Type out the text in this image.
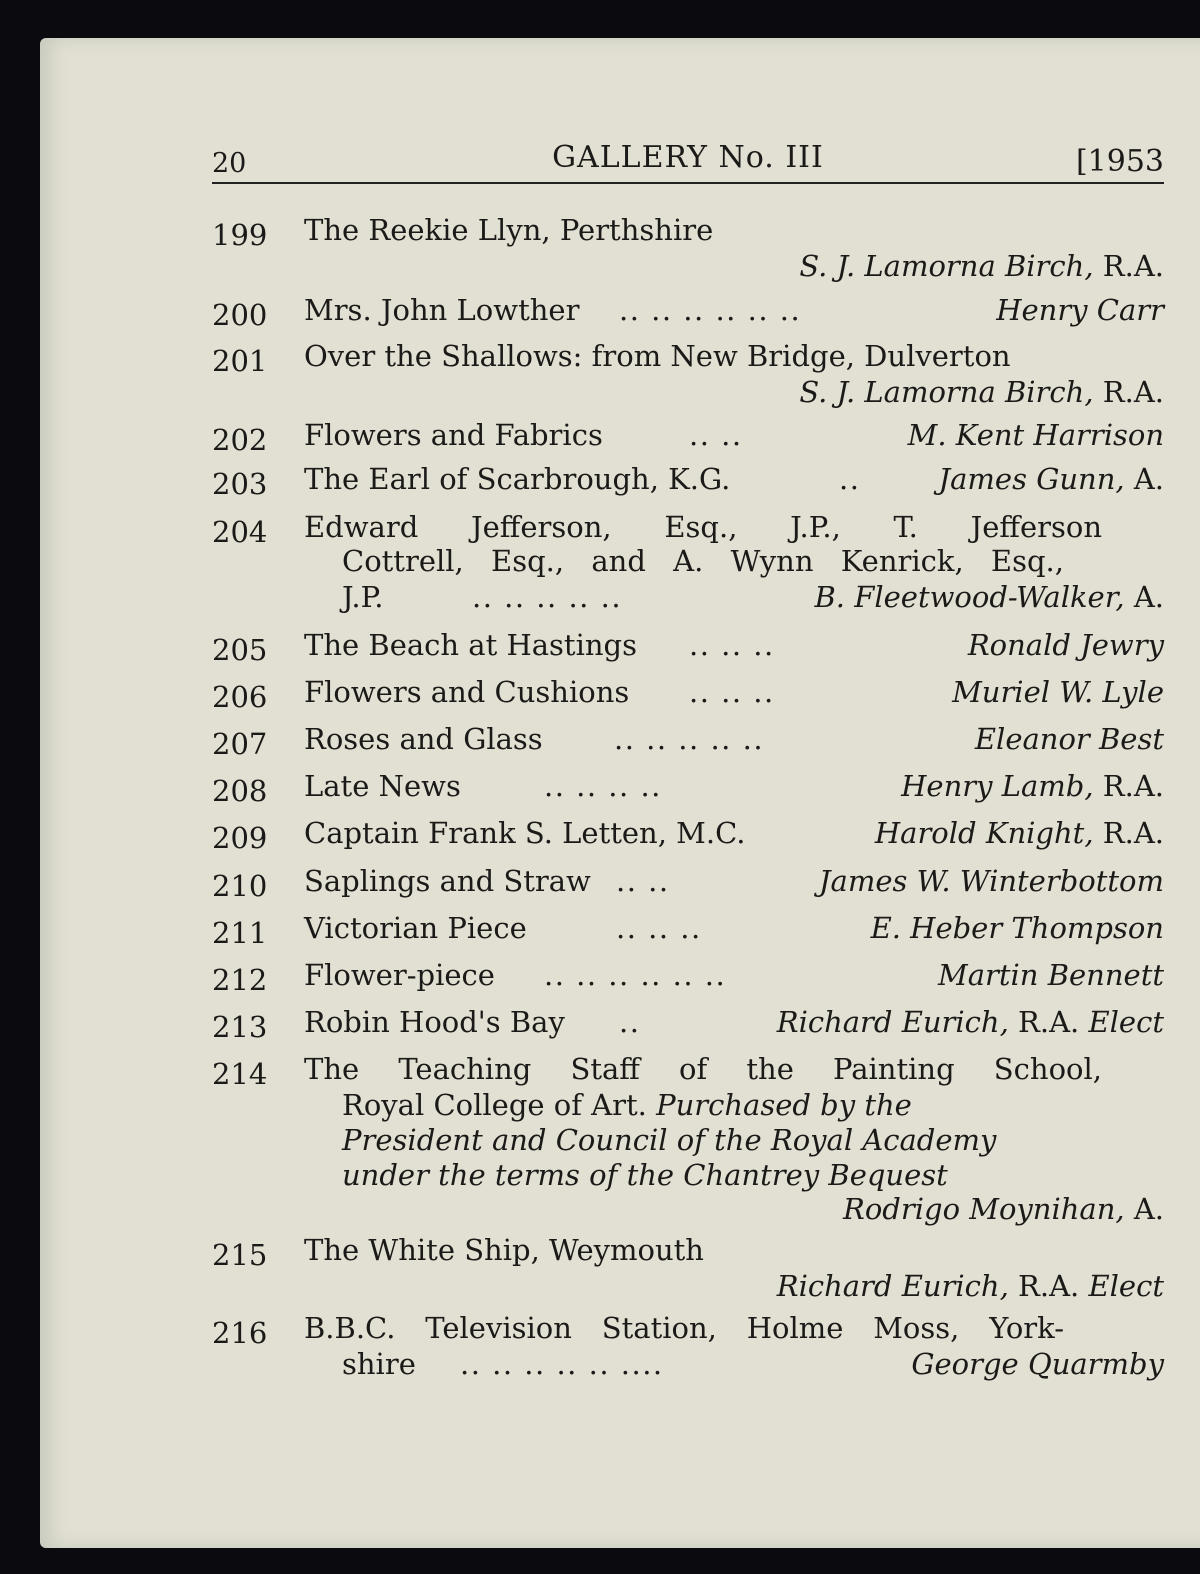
20	GALLERY No. III	[1953
199	The Reekie Llyn, Perthshire
S. J. Lamorna Birch, R.A.
200	Mrs. John Lowther .. .. .. .. .. ..	Henry Carr
201	Over the Shallows: from New Bridge, Dulverton
S. J. Lamorna Birch, R.A.
202	Flowers and Fabrics	.. ..	M. Kent Harrison
203	The Earl of Scarbrough, K.G.	..	James Gunn, A.
204	Edward Jefferson, Esq., J.P., T. Jefferson
Cottrell, Esq., and A. Wynn Kenrick, Esq.,
J.P.	.. .. .. .. ..	B. Fleetwood-Walker, A.
205	The Beach at Hastings .. .. ..	Ronald Jewry
206	Flowers and Cushions .. .. ..	Muriel W. Lyle
207	Roses and Glass .. .. .. .. ..	Eleanor Best
208	Late News	.. .. .. ..	Henry Lamb, R.A.
209	Captain Frank S. Letten, M.C.	Harold Knight, R.A.
210	Saplings and Straw .. ..	James W. Winterbottom
211	Victorian Piece	.. .. ..	E. Heber Thompson
212	Flower-piece .. .. .. .. .. ..	Martin Bennett
213	Robin Hood's Bay ..	Richard Eurich, R.A. Elect
214	The Teaching Staff of the Painting School,
Royal College of Art. Purchased by the
President and Council of the Royal Academy
under the terms of the Chantrey Bequest
Rodrigo Moynihan, A.
215	The White Ship, Weymouth
Richard Eurich, R.A. Elect
216	B.B.C. Television Station, Holme Moss, York-
shire .. .. .. .. .. ....	George Quarmby
